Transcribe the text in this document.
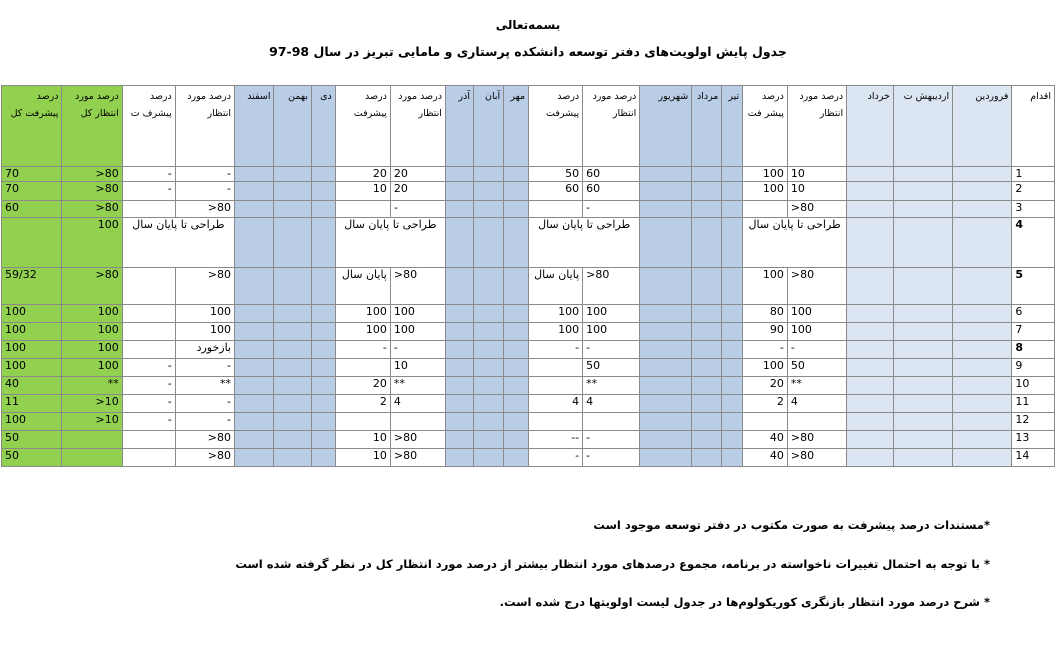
بسمه‌تعالی
جدول پایش اولویت‌های دفتر توسعه دانشکده پرستاری و مامایی تبریز در سال 98-97
اقدام	فروردین	اردیبهش ت	خرداد	درصد مورد انتظار	درصد پیشر فت	تیر	مرداد	شهریور	درصد مورد انتظار	درصد پیشرفت	مهر	آبان	آذر	درصد مورد انتظار	درصد پیشرفت	دی	بهمن	اسفند	درصد مورد انتظار	درصد پیشرف ت	درصد مورد انتظار کل	درصد پیشرفت کل
1				10	100				60	50				20	20				-	-	80<	70
2				10	100				60	60				20	10				-	-	80<	70
3				80<					-					-					80<		80<	60
4				طراحی تا پایان سال					طراحی تا پایان سال					طراحی تا پایان سال					طراحی تا پایان سال		100	
5				80<	100				80<	پایان سال				80<	پایان سال				80<		80<	59/32
6				100	80				100	100				100	100				100		100	100
7				100	90				100	100				100	100				100		100	100
8				-	-				-	-				-	-				بازخورد		100	100
9				50	100				50					10					-	-	100	100
10				**	20				**					**	20				**	-	**	40
11				4	2				4	4				4	2				-	-	10<	11
12																			-	-	10<	100
13				80<	40				-	--				80<	10				80<			50
14				80<	40				-	-				80<	10				80<			50
*مستندات درصد پیشرفت به صورت مکتوب در دفتر توسعه موجود است
* با توجه به احتمال تغییرات ناخواسته در برنامه، مجموع درصدهای مورد انتظار بیشتر از درصد مورد انتظار کل در نظر گرفته شده است
* شرح درصد مورد انتظار بازنگری کوریکولوم‌ها در جدول لیست اولویتها درج شده است.
